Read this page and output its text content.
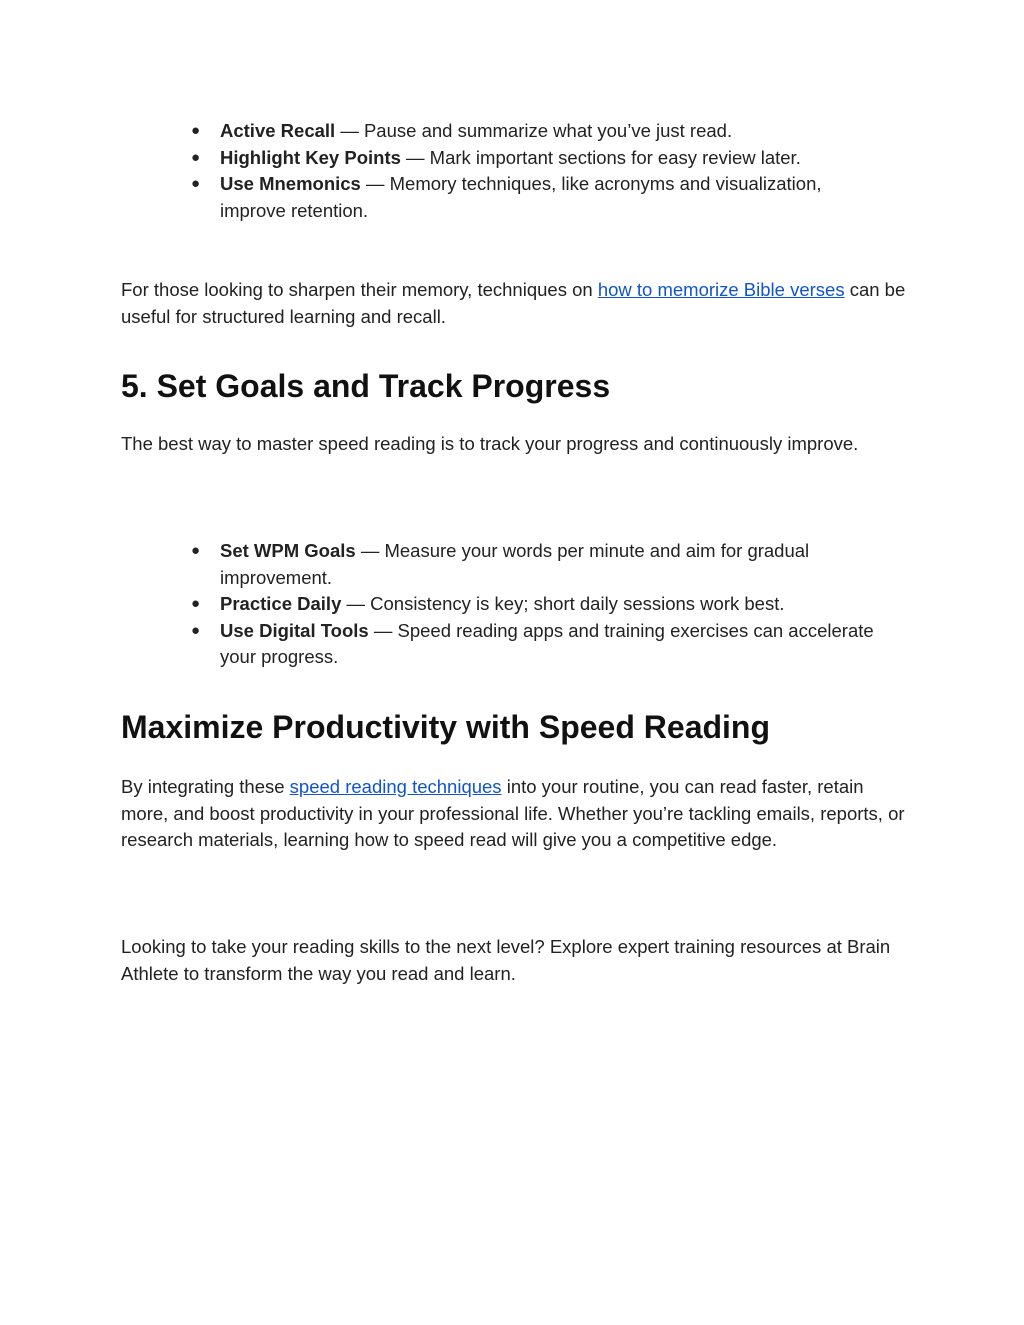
● Active Recall — Pause and summarize what you’ve just read.
● Highlight Key Points — Mark important sections for easy review later.
● Use Mnemonics — Memory techniques, like acronyms and visualization, improve retention.

For those looking to sharpen their memory, techniques on how to memorize Bible verses can be useful for structured learning and recall.

5. Set Goals and Track Progress

The best way to master speed reading is to track your progress and continuously improve.

● Set WPM Goals — Measure your words per minute and aim for gradual improvement.
● Practice Daily — Consistency is key; short daily sessions work best.
● Use Digital Tools — Speed reading apps and training exercises can accelerate your progress.
Maximize Productivity with Speed Reading

By integrating these speed reading techniques into your routine, you can read faster, retain more, and boost productivity in your professional life. Whether you’re tackling emails, reports, or research materials, learning how to speed read will give you a competitive edge.

Looking to take your reading skills to the next level? Explore expert training resources at Brain Athlete to transform the way you read and learn.
